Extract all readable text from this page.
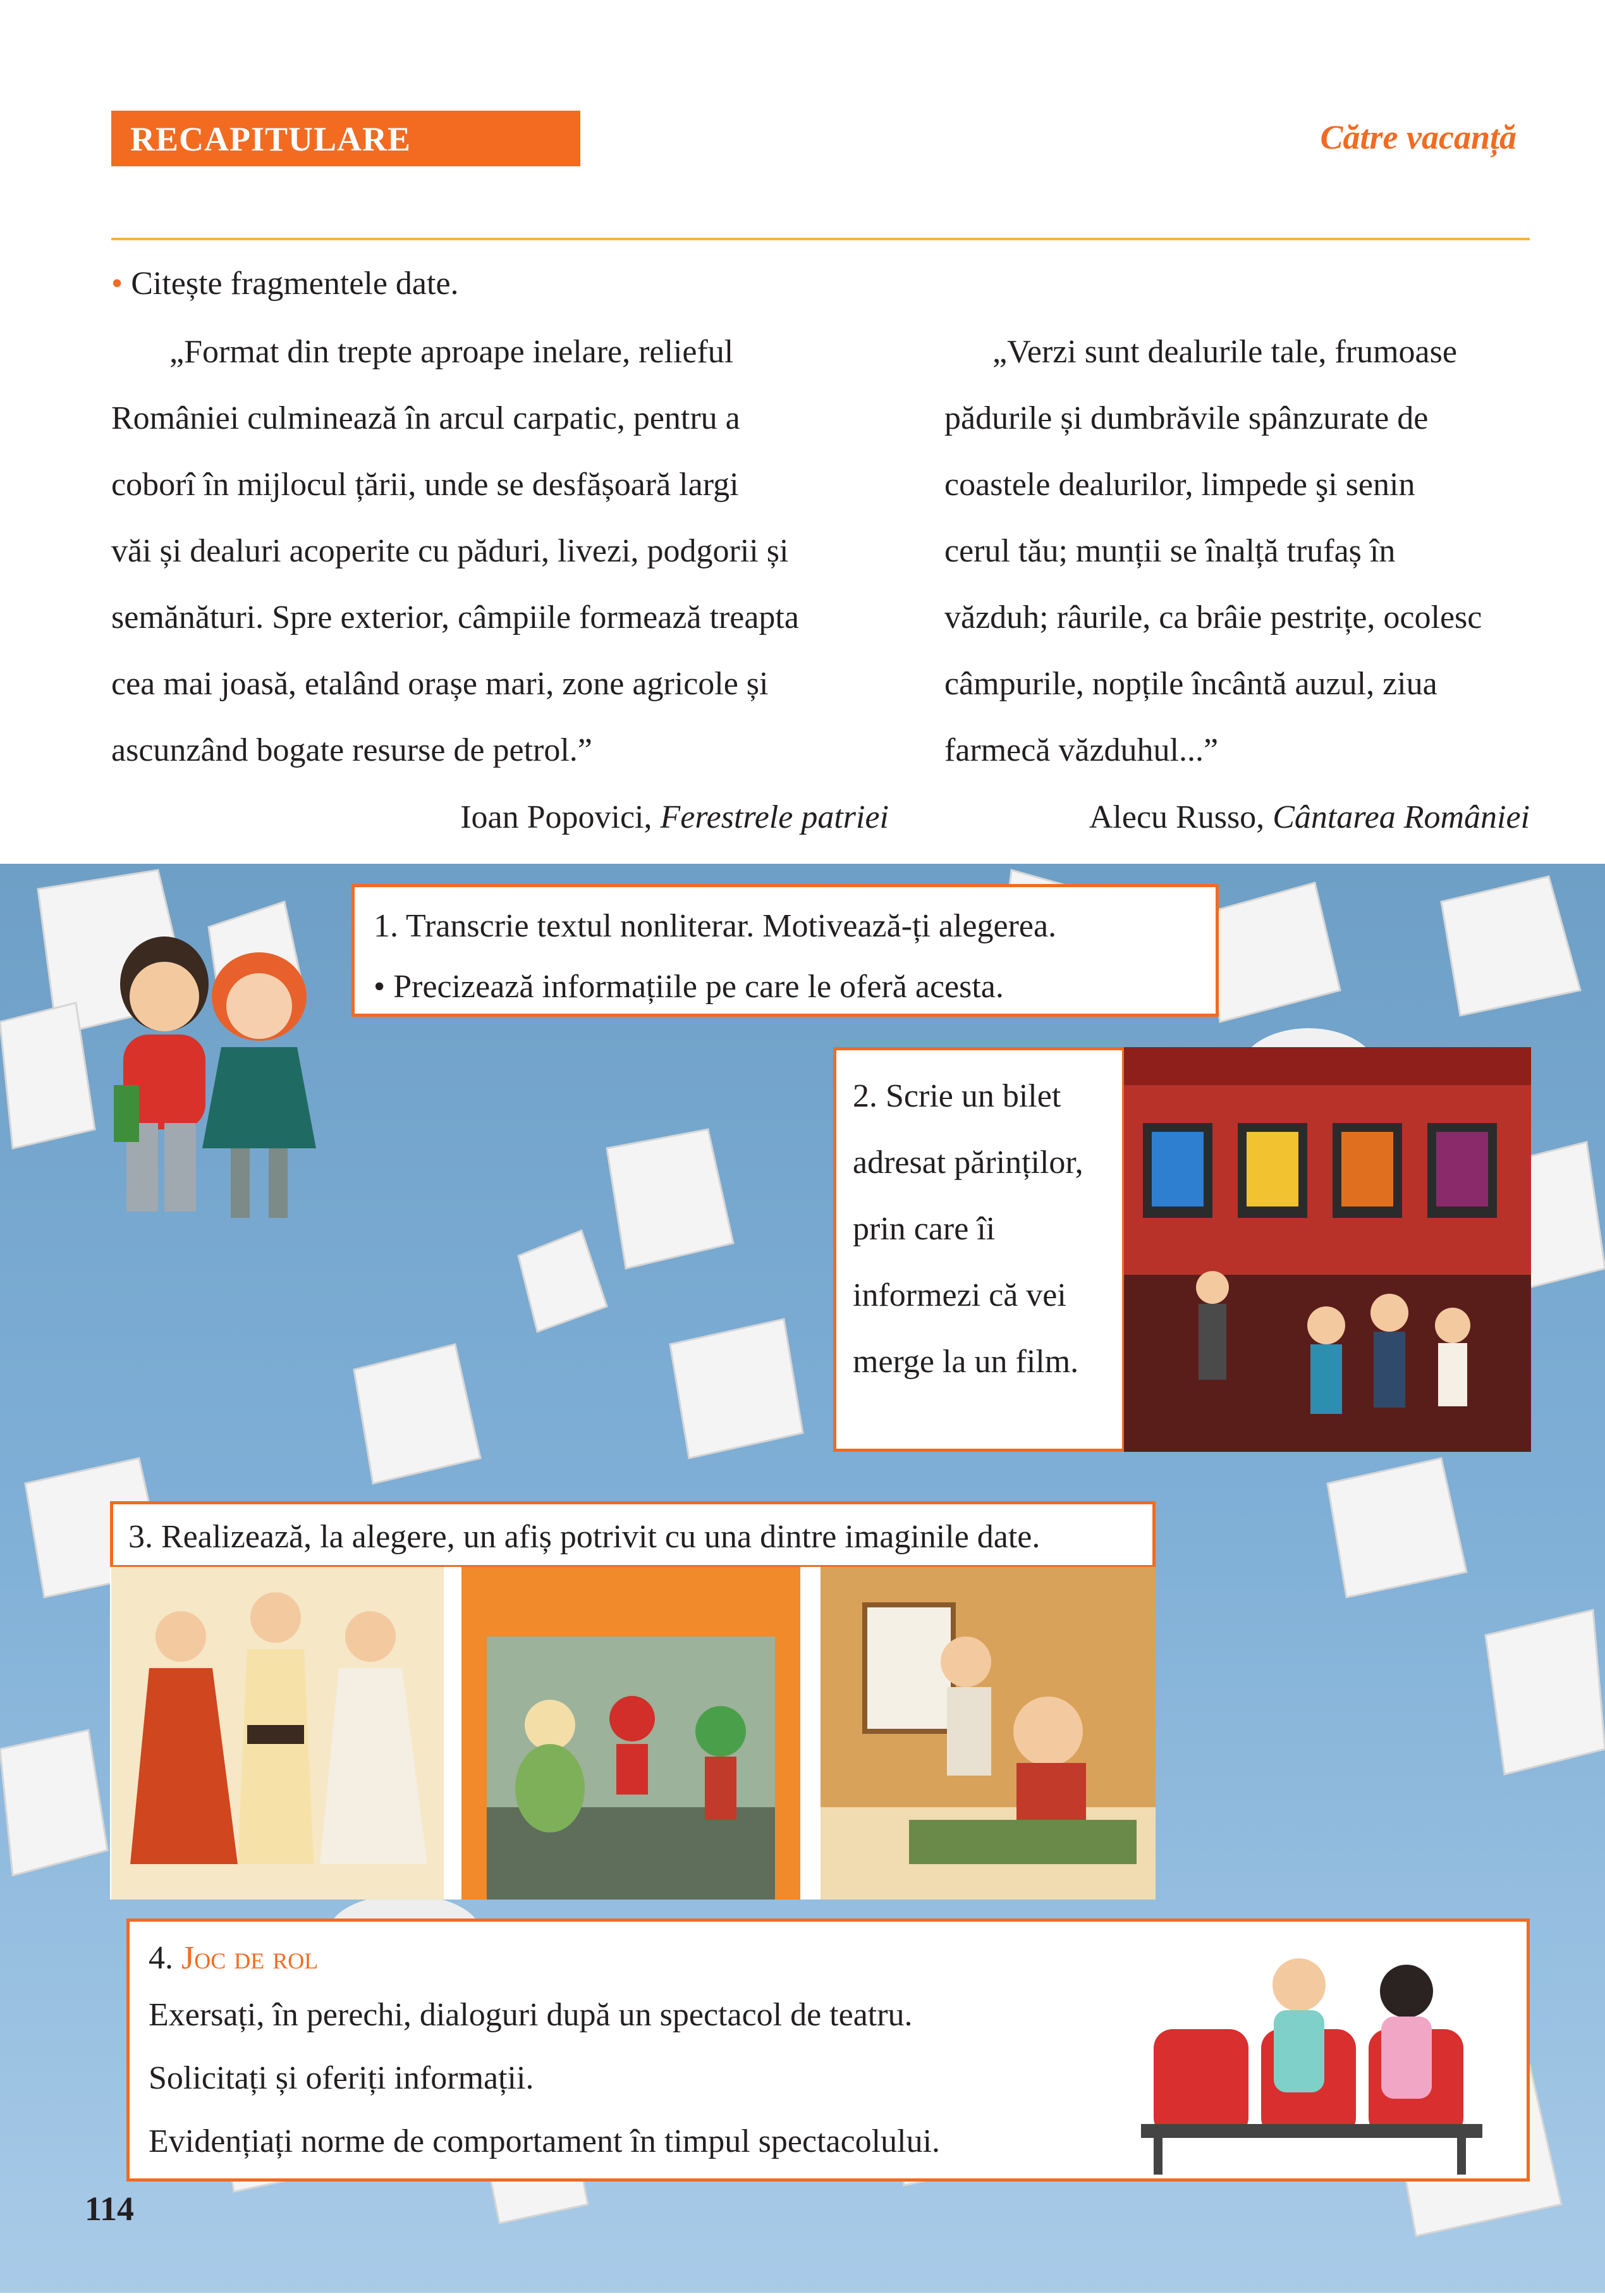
RECAPITULARE	Către vacanță
• Citește fragmentele date.
„Format din trepte aproape inelare, relieful
României culminează în arcul carpatic, pentru a
coborî în mijlocul țării, unde se desfășoară largi
văi și dealuri acoperite cu păduri, livezi, podgorii și
semănături. Spre exterior, câmpiile formează treapta
cea mai joasă, etalând orașe mari, zone agricole și
ascunzând bogate resurse de petrol.”
Ioan Popovici, Ferestrele patriei
„Verzi sunt dealurile tale, frumoase
pădurile și dumbrăvile spânzurate de
coastele dealurilor, limpede şi senin
cerul tău; munții se înalță trufaș în
văzduh; râurile, ca brâie pestrițe, ocolesc
câmpurile, nopțile încântă auzul, ziua
farmecă văzduhul...”
Alecu Russo, Cântarea României
1. Transcrie textul nonliterar. Motivează-ți alegerea.
• Precizează informațiile pe care le oferă acesta.
2. Scrie un bilet
adresat părinților,
prin care îi
informezi că vei
merge la un film.
3. Realizează, la alegere, un afiș potrivit cu una dintre imaginile date.
4. Joc de rol
Exersați, în perechi, dialoguri după un spectacol de teatru.
Solicitați și oferiți informații.
Evidențiați norme de comportament în timpul spectacolului.
114
